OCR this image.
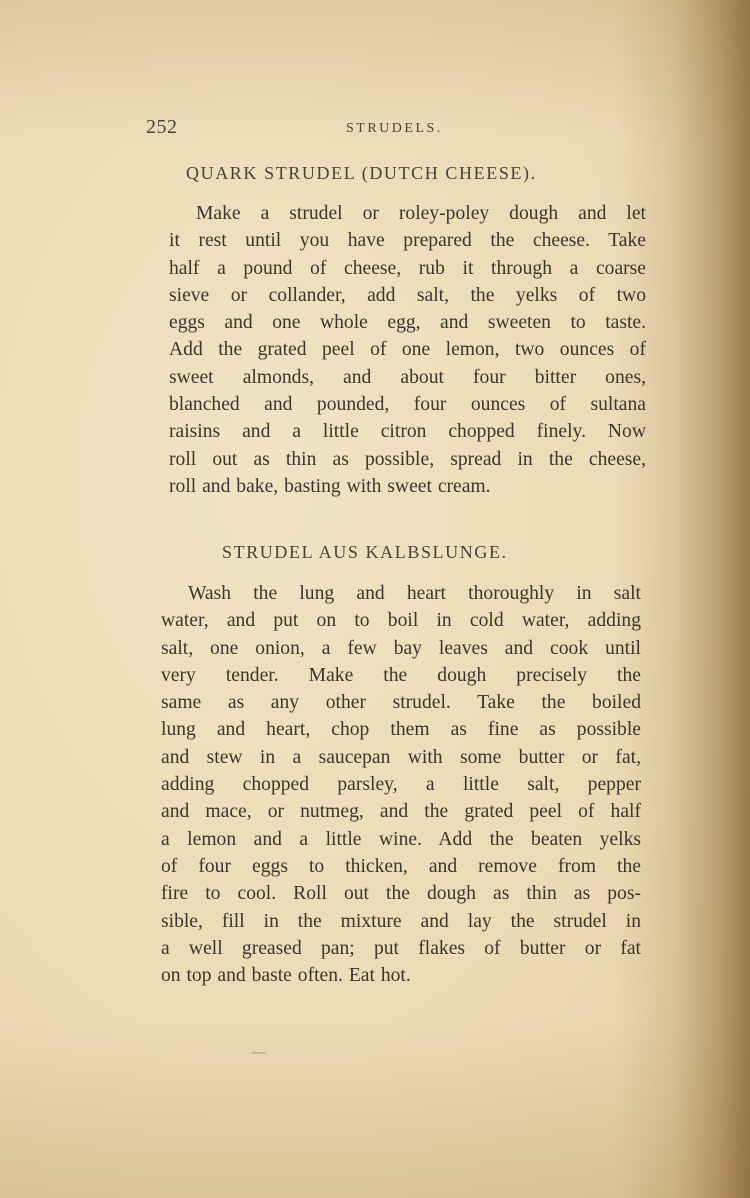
252	STRUDELS.
QUARK STRUDEL (DUTCH CHEESE).
Make a strudel or roley-poley dough and let
it rest until you have prepared the cheese. Take
half a pound of cheese, rub it through a coarse
sieve or collander, add salt, the yelks of two
eggs and one whole egg, and sweeten to taste.
Add the grated peel of one lemon, two ounces of
sweet almonds, and about four bitter ones,
blanched and pounded, four ounces of sultana
raisins and a little citron chopped finely. Now
roll out as thin as possible, spread in the cheese,
roll and bake, basting with sweet cream.
STRUDEL AUS KALBSLUNGE.
Wash the lung and heart thoroughly in salt
water, and put on to boil in cold water, adding
salt, one onion, a few bay leaves and cook until
very tender. Make the dough precisely the
same as any other strudel. Take the boiled
lung and heart, chop them as fine as possible
and stew in a saucepan with some butter or fat,
adding chopped parsley, a little salt, pepper
and mace, or nutmeg, and the grated peel of half
a lemon and a little wine. Add the beaten yelks
of four eggs to thicken, and remove from the
fire to cool. Roll out the dough as thin as pos-
sible, fill in the mixture and lay the strudel in
a well greased pan; put flakes of butter or fat
on top and baste often. Eat hot.
